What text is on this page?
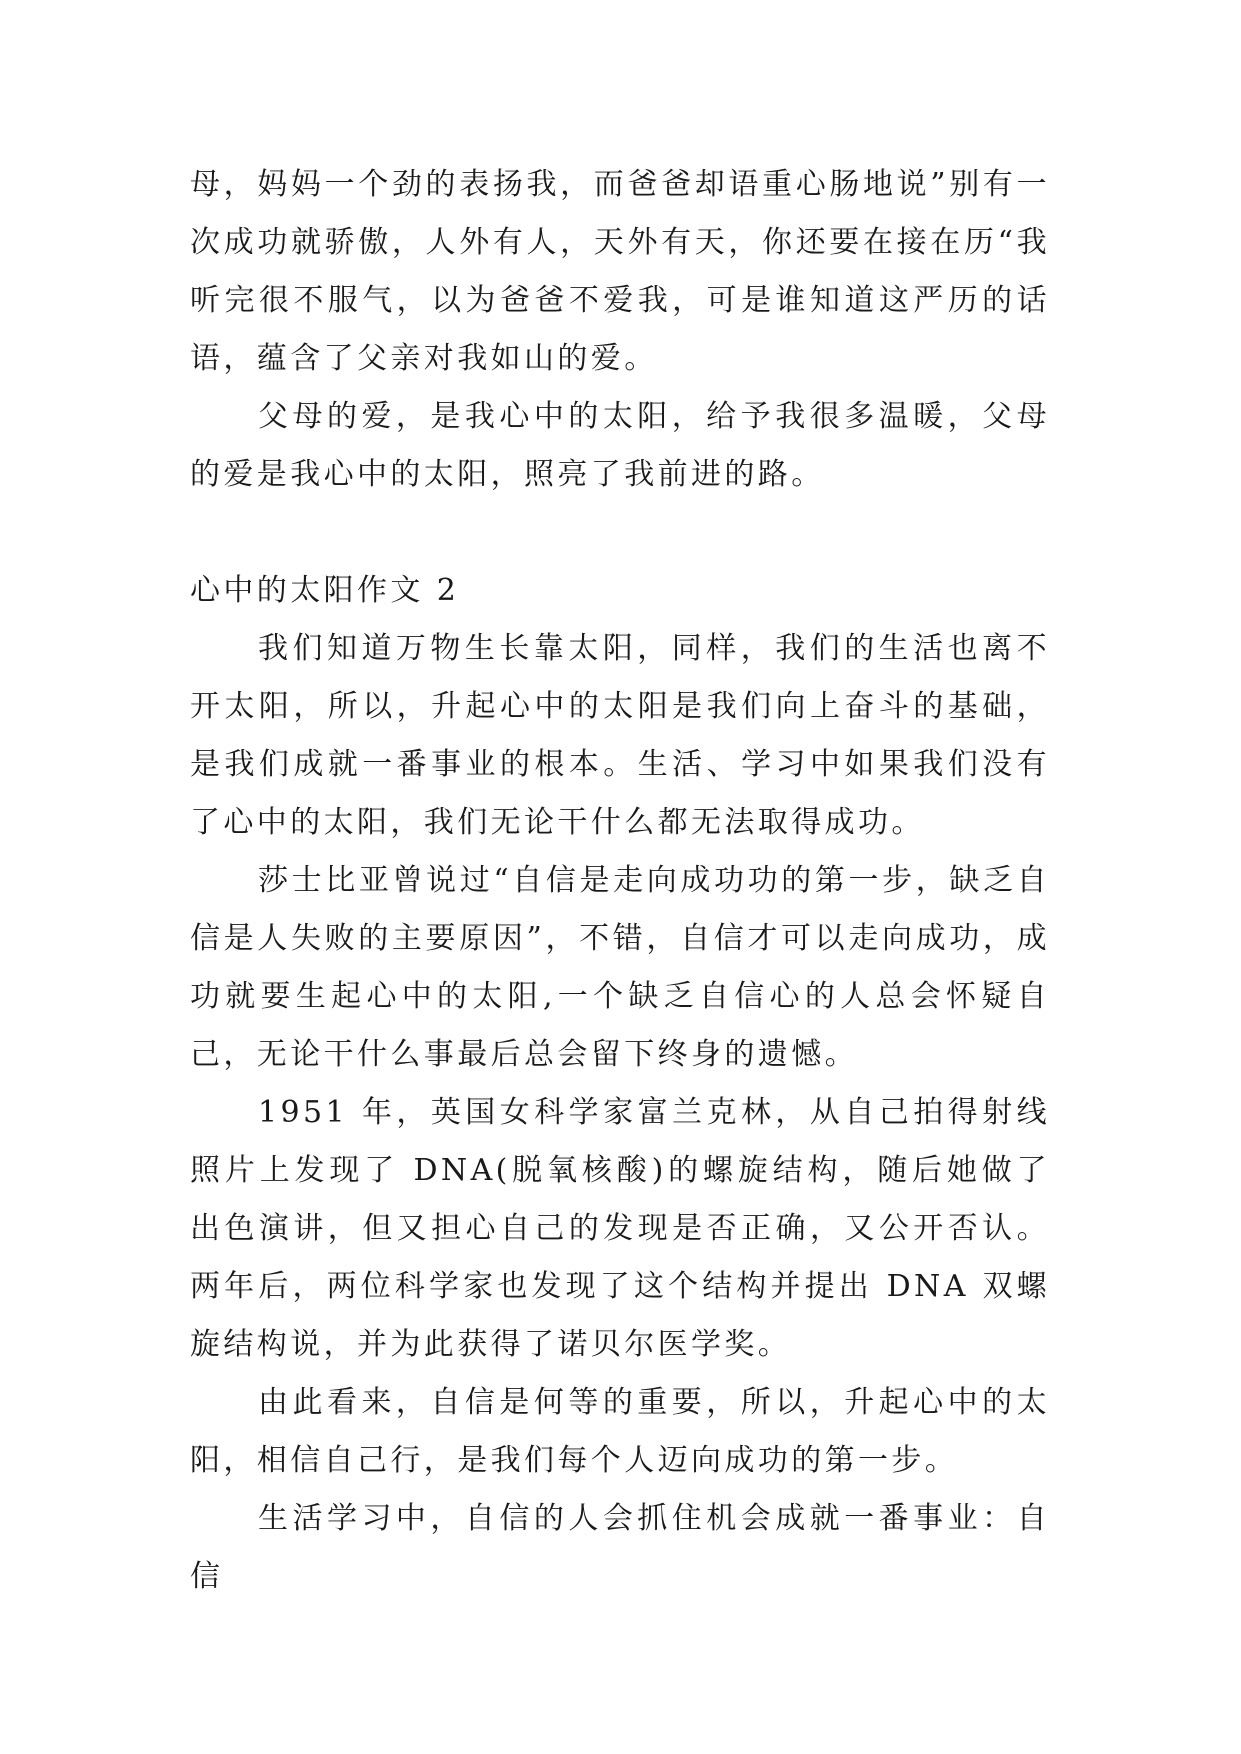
母，妈妈一个劲的表扬我，而爸爸却语重心肠地说”别有一次成功就骄傲，人外有人，天外有天，你还要在接在历“我听完很不服气，以为爸爸不爱我，可是谁知道这严历的话语，蕴含了父亲对我如山的爱。

父母的爱，是我心中的太阳，给予我很多温暖，父母的爱是我心中的太阳，照亮了我前进的路。

心中的太阳作文 2

我们知道万物生长靠太阳，同样，我们的生活也离不开太阳，所以，升起心中的太阳是我们向上奋斗的基础，是我们成就一番事业的根本。生活、学习中如果我们没有了心中的太阳，我们无论干什么都无法取得成功。

莎士比亚曾说过“自信是走向成功功的第一步，缺乏自信是人失败的主要原因”，不错，自信才可以走向成功，成功就要生起心中的太阳,一个缺乏自信心的人总会怀疑自己，无论干什么事最后总会留下终身的遗憾。

1951 年，英国女科学家富兰克林，从自己拍得射线照片上发现了 DNA(脱氧核酸)的螺旋结构，随后她做了出色演讲，但又担心自己的发现是否正确，又公开否认。两年后，两位科学家也发现了这个结构并提出 DNA 双螺旋结构说，并为此获得了诺贝尔医学奖。

由此看来，自信是何等的重要，所以，升起心中的太阳，相信自己行，是我们每个人迈向成功的第一步。

生活学习中，自信的人会抓住机会成就一番事业：自信
